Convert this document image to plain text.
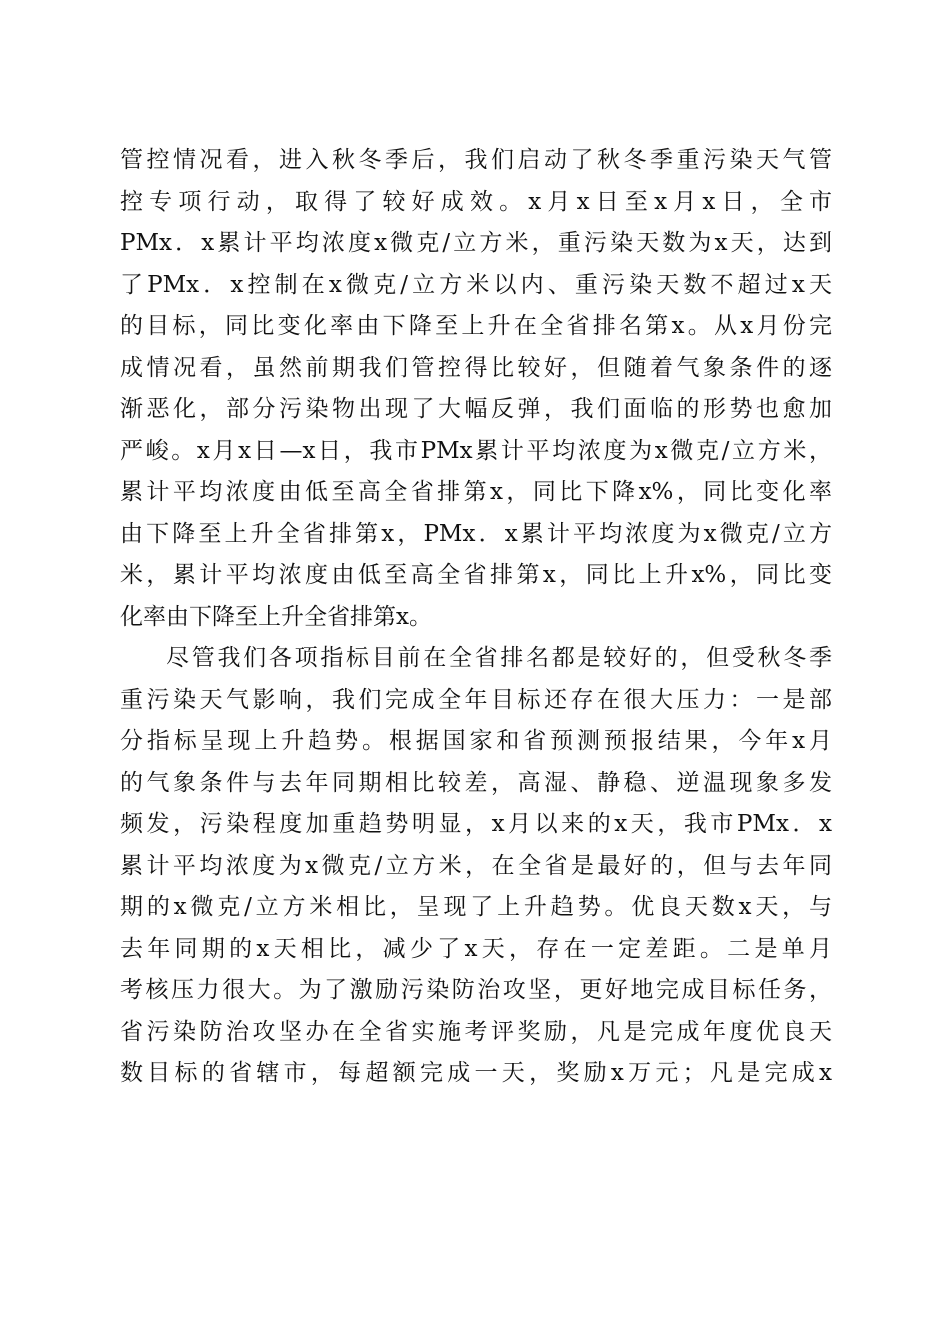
管控情况看，进入秋冬季后，我们启动了秋冬季重污染天气管
控专项行动，取得了较好成效。x月x日至x月x日，全市
PMx．x累计平均浓度x微克/立方米，重污染天数为x天，达到
了PMx．x控制在x微克/立方米以内、重污染天数不超过x天
的目标，同比变化率由下降至上升在全省排名第x。从x月份完
成情况看，虽然前期我们管控得比较好，但随着气象条件的逐
渐恶化，部分污染物出现了大幅反弹，我们面临的形势也愈加
严峻。x月x日—x日，我市PMx累计平均浓度为x微克/立方米，
累计平均浓度由低至高全省排第x，同比下降x%，同比变化率
由下降至上升全省排第x，PMx．x累计平均浓度为x微克/立方
米，累计平均浓度由低至高全省排第x，同比上升x%，同比变
化率由下降至上升全省排第x。
尽管我们各项指标目前在全省排名都是较好的，但受秋冬季
重污染天气影响，我们完成全年目标还存在很大压力：一是部
分指标呈现上升趋势。根据国家和省预测预报结果，今年x月
的气象条件与去年同期相比较差，高湿、静稳、逆温现象多发
频发，污染程度加重趋势明显，x月以来的x天，我市PMx．x
累计平均浓度为x微克/立方米，在全省是最好的，但与去年同
期的x微克/立方米相比，呈现了上升趋势。优良天数x天，与
去年同期的x天相比，减少了x天，存在一定差距。二是单月
考核压力很大。为了激励污染防治攻坚，更好地完成目标任务，
省污染防治攻坚办在全省实施考评奖励，凡是完成年度优良天
数目标的省辖市，每超额完成一天，奖励x万元；凡是完成x
